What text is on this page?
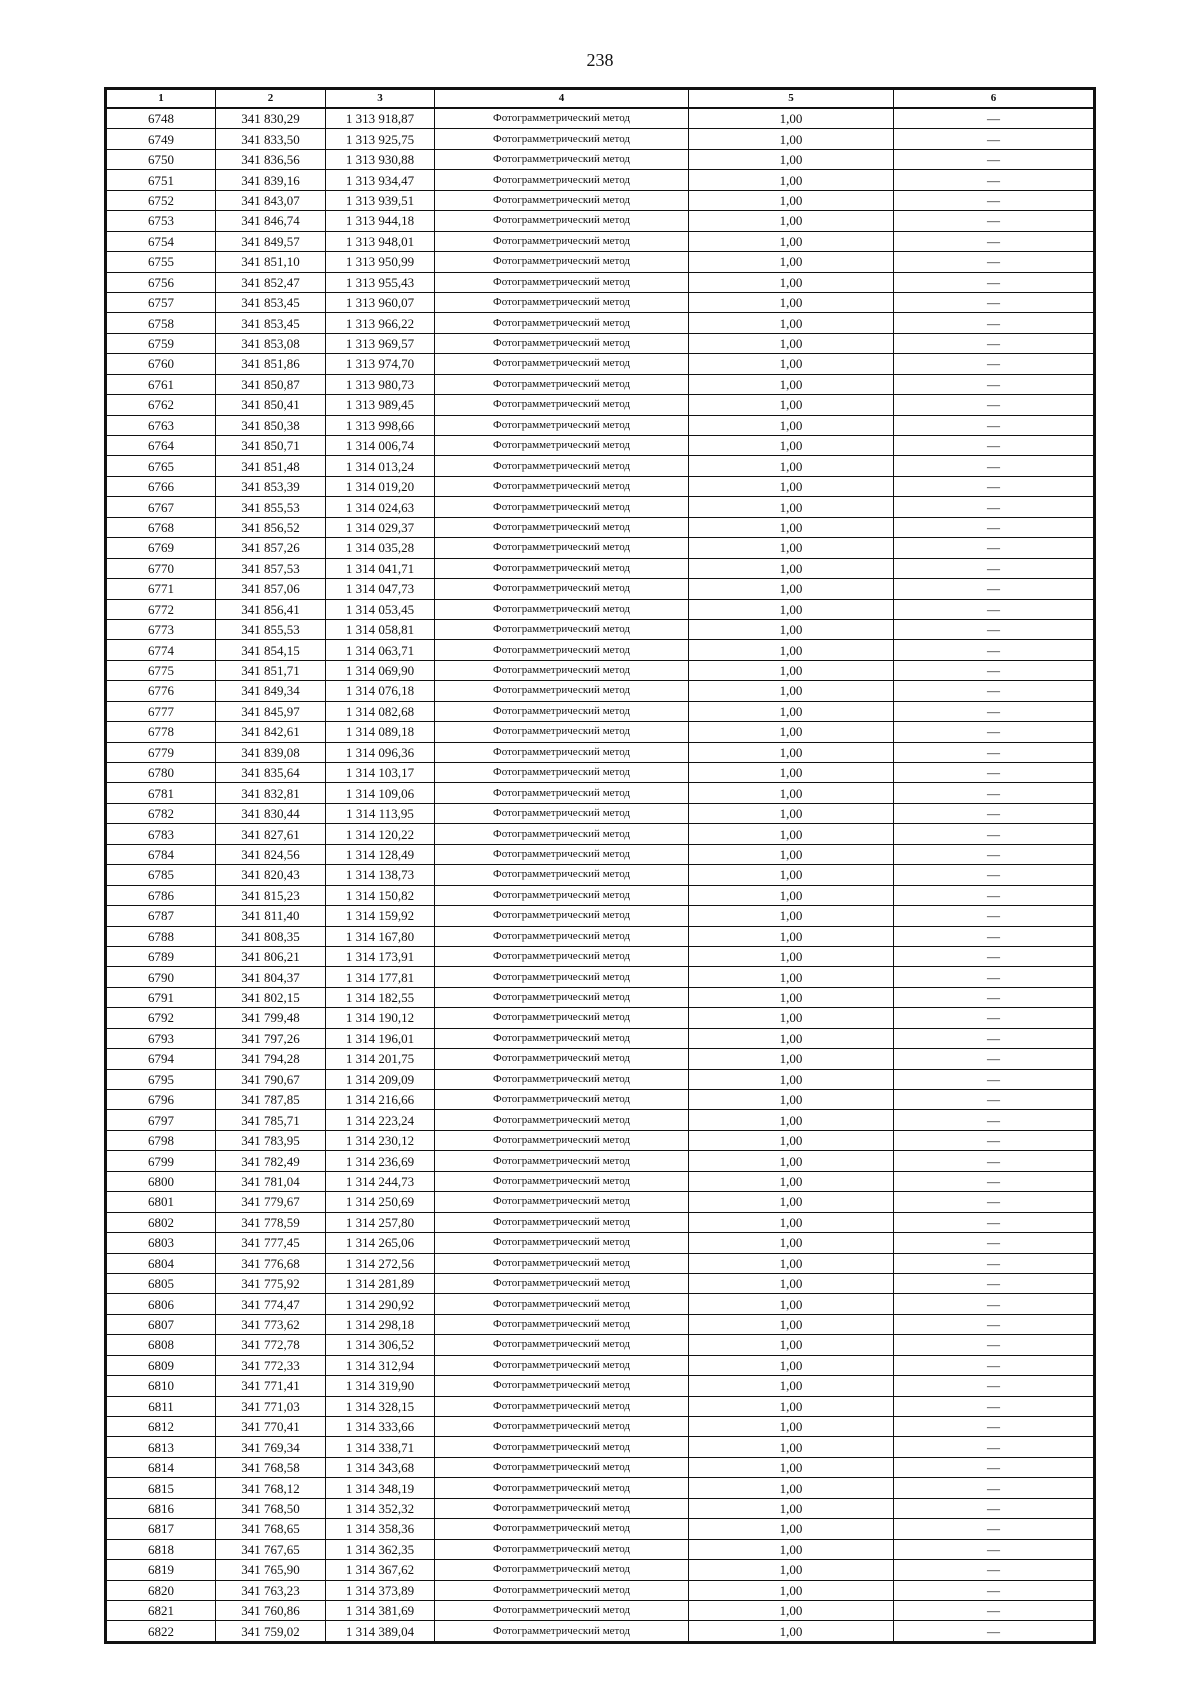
238
1	2	3	4	5	6
6748	341 830,29	1 313 918,87	Фотограмметрический метод	1,00	—
6749	341 833,50	1 313 925,75	Фотограмметрический метод	1,00	—
6750	341 836,56	1 313 930,88	Фотограмметрический метод	1,00	—
6751	341 839,16	1 313 934,47	Фотограмметрический метод	1,00	—
6752	341 843,07	1 313 939,51	Фотограмметрический метод	1,00	—
6753	341 846,74	1 313 944,18	Фотограмметрический метод	1,00	—
6754	341 849,57	1 313 948,01	Фотограмметрический метод	1,00	—
6755	341 851,10	1 313 950,99	Фотограмметрический метод	1,00	—
6756	341 852,47	1 313 955,43	Фотограмметрический метод	1,00	—
6757	341 853,45	1 313 960,07	Фотограмметрический метод	1,00	—
6758	341 853,45	1 313 966,22	Фотограмметрический метод	1,00	—
6759	341 853,08	1 313 969,57	Фотограмметрический метод	1,00	—
6760	341 851,86	1 313 974,70	Фотограмметрический метод	1,00	—
6761	341 850,87	1 313 980,73	Фотограмметрический метод	1,00	—
6762	341 850,41	1 313 989,45	Фотограмметрический метод	1,00	—
6763	341 850,38	1 313 998,66	Фотограмметрический метод	1,00	—
6764	341 850,71	1 314 006,74	Фотограмметрический метод	1,00	—
6765	341 851,48	1 314 013,24	Фотограмметрический метод	1,00	—
6766	341 853,39	1 314 019,20	Фотограмметрический метод	1,00	—
6767	341 855,53	1 314 024,63	Фотограмметрический метод	1,00	—
6768	341 856,52	1 314 029,37	Фотограмметрический метод	1,00	—
6769	341 857,26	1 314 035,28	Фотограмметрический метод	1,00	—
6770	341 857,53	1 314 041,71	Фотограмметрический метод	1,00	—
6771	341 857,06	1 314 047,73	Фотограмметрический метод	1,00	—
6772	341 856,41	1 314 053,45	Фотограмметрический метод	1,00	—
6773	341 855,53	1 314 058,81	Фотограмметрический метод	1,00	—
6774	341 854,15	1 314 063,71	Фотограмметрический метод	1,00	—
6775	341 851,71	1 314 069,90	Фотограмметрический метод	1,00	—
6776	341 849,34	1 314 076,18	Фотограмметрический метод	1,00	—
6777	341 845,97	1 314 082,68	Фотограмметрический метод	1,00	—
6778	341 842,61	1 314 089,18	Фотограмметрический метод	1,00	—
6779	341 839,08	1 314 096,36	Фотограмметрический метод	1,00	—
6780	341 835,64	1 314 103,17	Фотограмметрический метод	1,00	—
6781	341 832,81	1 314 109,06	Фотограмметрический метод	1,00	—
6782	341 830,44	1 314 113,95	Фотограмметрический метод	1,00	—
6783	341 827,61	1 314 120,22	Фотограмметрический метод	1,00	—
6784	341 824,56	1 314 128,49	Фотограмметрический метод	1,00	—
6785	341 820,43	1 314 138,73	Фотограмметрический метод	1,00	—
6786	341 815,23	1 314 150,82	Фотограмметрический метод	1,00	—
6787	341 811,40	1 314 159,92	Фотограмметрический метод	1,00	—
6788	341 808,35	1 314 167,80	Фотограмметрический метод	1,00	—
6789	341 806,21	1 314 173,91	Фотограмметрический метод	1,00	—
6790	341 804,37	1 314 177,81	Фотограмметрический метод	1,00	—
6791	341 802,15	1 314 182,55	Фотограмметрический метод	1,00	—
6792	341 799,48	1 314 190,12	Фотограмметрический метод	1,00	—
6793	341 797,26	1 314 196,01	Фотограмметрический метод	1,00	—
6794	341 794,28	1 314 201,75	Фотограмметрический метод	1,00	—
6795	341 790,67	1 314 209,09	Фотограмметрический метод	1,00	—
6796	341 787,85	1 314 216,66	Фотограмметрический метод	1,00	—
6797	341 785,71	1 314 223,24	Фотограмметрический метод	1,00	—
6798	341 783,95	1 314 230,12	Фотограмметрический метод	1,00	—
6799	341 782,49	1 314 236,69	Фотограмметрический метод	1,00	—
6800	341 781,04	1 314 244,73	Фотограмметрический метод	1,00	—
6801	341 779,67	1 314 250,69	Фотограмметрический метод	1,00	—
6802	341 778,59	1 314 257,80	Фотограмметрический метод	1,00	—
6803	341 777,45	1 314 265,06	Фотограмметрический метод	1,00	—
6804	341 776,68	1 314 272,56	Фотограмметрический метод	1,00	—
6805	341 775,92	1 314 281,89	Фотограмметрический метод	1,00	—
6806	341 774,47	1 314 290,92	Фотограмметрический метод	1,00	—
6807	341 773,62	1 314 298,18	Фотограмметрический метод	1,00	—
6808	341 772,78	1 314 306,52	Фотограмметрический метод	1,00	—
6809	341 772,33	1 314 312,94	Фотограмметрический метод	1,00	—
6810	341 771,41	1 314 319,90	Фотограмметрический метод	1,00	—
6811	341 771,03	1 314 328,15	Фотограмметрический метод	1,00	—
6812	341 770,41	1 314 333,66	Фотограмметрический метод	1,00	—
6813	341 769,34	1 314 338,71	Фотограмметрический метод	1,00	—
6814	341 768,58	1 314 343,68	Фотограмметрический метод	1,00	—
6815	341 768,12	1 314 348,19	Фотограмметрический метод	1,00	—
6816	341 768,50	1 314 352,32	Фотограмметрический метод	1,00	—
6817	341 768,65	1 314 358,36	Фотограмметрический метод	1,00	—
6818	341 767,65	1 314 362,35	Фотограмметрический метод	1,00	—
6819	341 765,90	1 314 367,62	Фотограмметрический метод	1,00	—
6820	341 763,23	1 314 373,89	Фотограмметрический метод	1,00	—
6821	341 760,86	1 314 381,69	Фотограмметрический метод	1,00	—
6822	341 759,02	1 314 389,04	Фотограмметрический метод	1,00	—
